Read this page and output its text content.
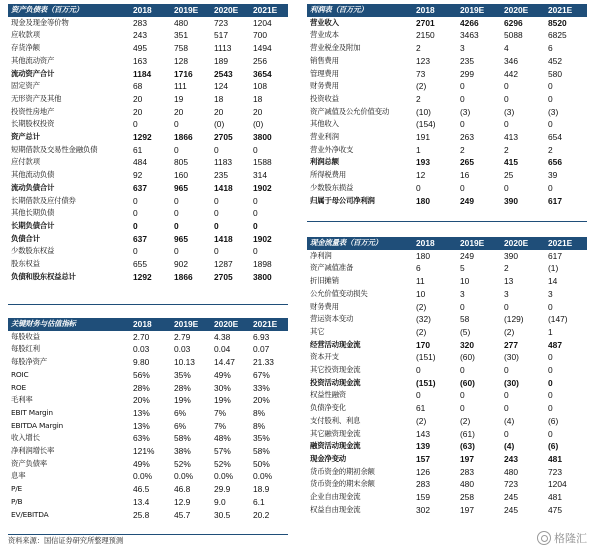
资产负债表（百万元）	2018	2019E	2020E	2021E
现金及现金等价物	283	480	723	1204
应收款项	243	351	517	700
存货净额	495	758	1113	1494
其他流动资产	163	128	189	256
流动资产合计	1184	1716	2543	3654
固定资产	68	111	124	108
无形资产及其他	20	19	18	18
投资性房地产	20	20	20	20
长期股权投资	0	0	(0)	(0)
资产总计	1292	1866	2705	3800
短期借款及交易性金融负债	61	0	0	0
应付款项	484	805	1183	1588
其他流动负债	92	160	235	314
流动负债合计	637	965	1418	1902
长期借款及应付债券	0	0	0	0
其他长期负债	0	0	0	0
长期负债合计	0	0	0	0
负债合计	637	965	1418	1902
少数股东权益	0	0	0	0
股东权益	655	902	1287	1898
负债和股东权益总计	1292	1866	2705	3800
关键财务与估值指标	2018	2019E	2020E	2021E
每股收益	2.70	2.79	4.38	6.93
每股红利	0.03	0.03	0.04	0.07
每股净资产	9.80	10.13	14.47	21.33
ROIC	56%	35%	49%	67%
ROE	28%	28%	30%	33%
毛利率	20%	19%	19%	20%
EBIT Margin	13%	6%	7%	8%
EBITDA Margin	13%	6%	7%	8%
收入增长	63%	58%	48%	35%
净利润增长率	121%	38%	57%	58%
资产负债率	49%	52%	52%	50%
息率	0.0%	0.0%	0.0%	0.0%
P/E	46.5	46.8	29.9	18.9
P/B	13.4	12.9	9.0	6.1
EV/EBITDA	25.8	45.7	30.5	20.2
利润表（百万元）	2018	2019E	2020E	2021E
营业收入	2701	4266	6296	8520
营业成本	2150	3463	5088	6825
营业税金及附加	2	3	4	6
销售费用	123	235	346	452
管理费用	73	299	442	580
财务费用	(2)	0	0	0
投资收益	2	0	0	0
资产减值及公允价值变动	(10)	(3)	(3)	(3)
其他收入	(154)	0	0	0
营业利润	191	263	413	654
营业外净收支	1	2	2	2
利润总额	193	265	415	656
所得税费用	12	16	25	39
少数股东损益	0	0	0	0
归属于母公司净利润	180	249	390	617
现金流量表（百万元）	2018	2019E	2020E	2021E
净利润	180	249	390	617
资产减值准备	6	5	2	(1)
折旧摊销	11	10	13	14
公允价值变动损失	10	3	3	3
财务费用	(2)	0	0	0
营运资本变动	(32)	58	(129)	(147)
其它	(2)	(5)	(2)	1
经营活动现金流	170	320	277	487
资本开支	(151)	(60)	(30)	0
其它投资现金流	0	0	0	0
投资活动现金流	(151)	(60)	(30)	0
权益性融资	0	0	0	0
负债净变化	61	0	0	0
支付股利、利息	(2)	(2)	(4)	(6)
其它融资现金流	143	(61)	0	0
融资活动现金流	139	(63)	(4)	(6)
现金净变动	157	197	243	481
货币资金的期初余额	126	283	480	723
货币资金的期末余额	283	480	723	1204
企业自由现金流	159	258	245	481
权益自由现金流	302	197	245	475
资料来源：国信证券研究所整理预测	格隆汇
